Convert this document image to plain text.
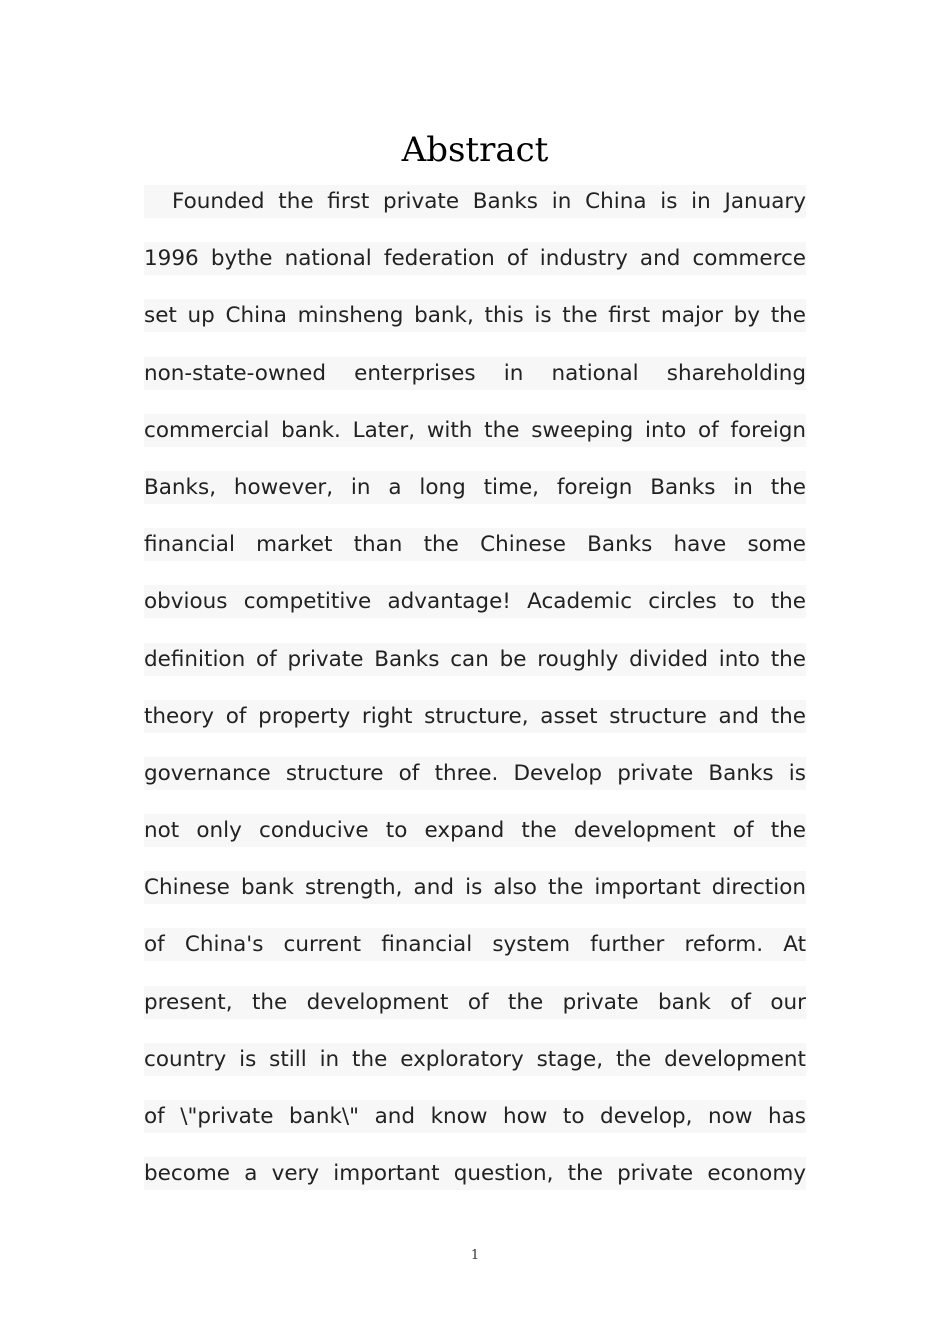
Abstract
Founded the first private Banks in China is in January
1996 bythe national federation of industry and commerce
set up China minsheng bank, this is the first major by the
non-state-owned enterprises in national shareholding
commercial bank. Later, with the sweeping into of foreign
Banks, however, in a long time, foreign Banks in the
financial market than the Chinese Banks have some
obvious competitive advantage! Academic circles to the
definition of private Banks can be roughly divided into the
theory of property right structure, asset structure and the
governance structure of three. Develop private Banks is
not only conducive to expand the development of the
Chinese bank strength, and is also the important direction
of China's current financial system further reform. At
present, the development of the private bank of our
country is still in the exploratory stage, the development
of \"private bank\" and know how to develop, now has
become a very important question, the private economy
1
